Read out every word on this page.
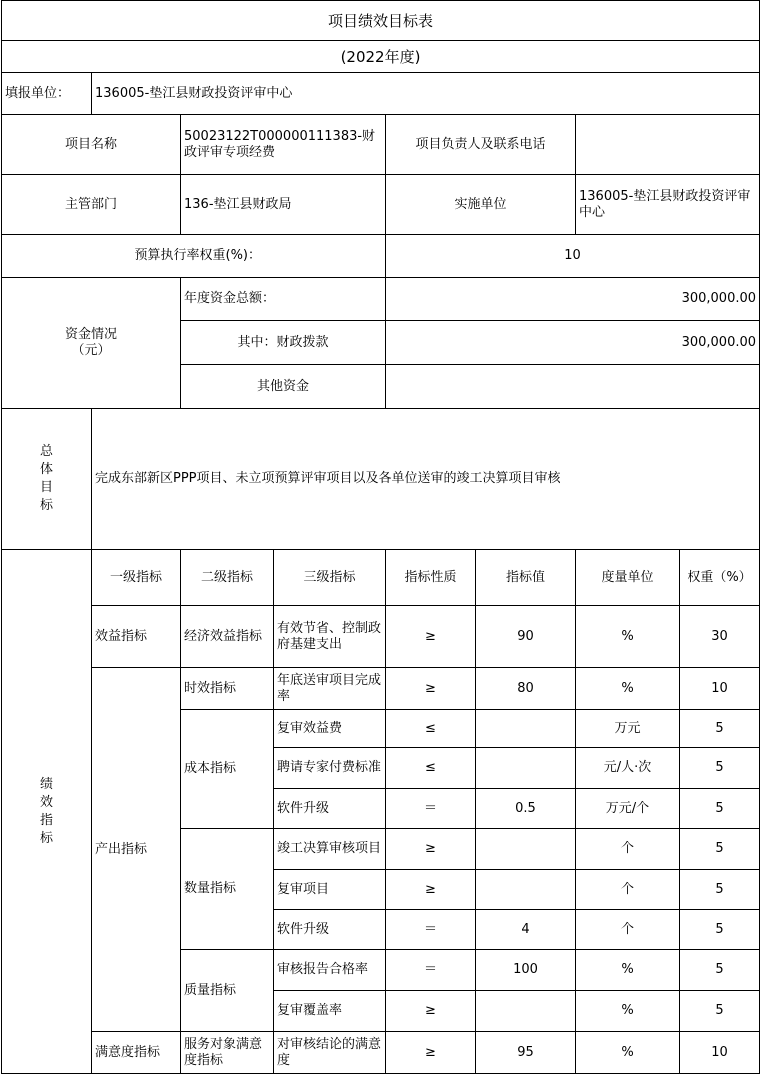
项目绩效目标表							
(2022年度)							
填报单位：	136005-垫江县财政投资评审中心						
项目名称		50023122T000000111383-财政评审专项经费		项目负责人及联系电话			
主管部门		136-垫江县财政局		实施单位		136005-垫江县财政投资评审中心	
预算执行率权重(%)：				10			

资金情况（元）		年度资金总额：		300,000.00			
		其中：财政拨款		300,000.00			
		其他资金					

总体目标	完成东部新区PPP项目、未立项预算评审项目以及各单位送审的竣工决算项目审核						

绩效指标	一级指标	二级指标	三级指标	指标性质	指标值	度量单位	权重（%）
	效益指标	经济效益指标	有效节省、控制政府基建支出	≥	90	%	30
	产出指标	时效指标	年底送审项目完成率	≥	80	%	10
		成本指标	复审效益费	≤		万元	5
			聘请专家付费标准	≤		元/人·次	5
			软件升级	＝	0.5	万元/个	5
		数量指标	竣工决算审核项目	≥		个	5
			复审项目	≥		个	5
			软件升级	＝	4	个	5
		质量指标	审核报告合格率	＝	100	%	5
			复审覆盖率	≥		%	5
	满意度指标	服务对象满意度指标	对审核结论的满意度	≥	95	%	10
